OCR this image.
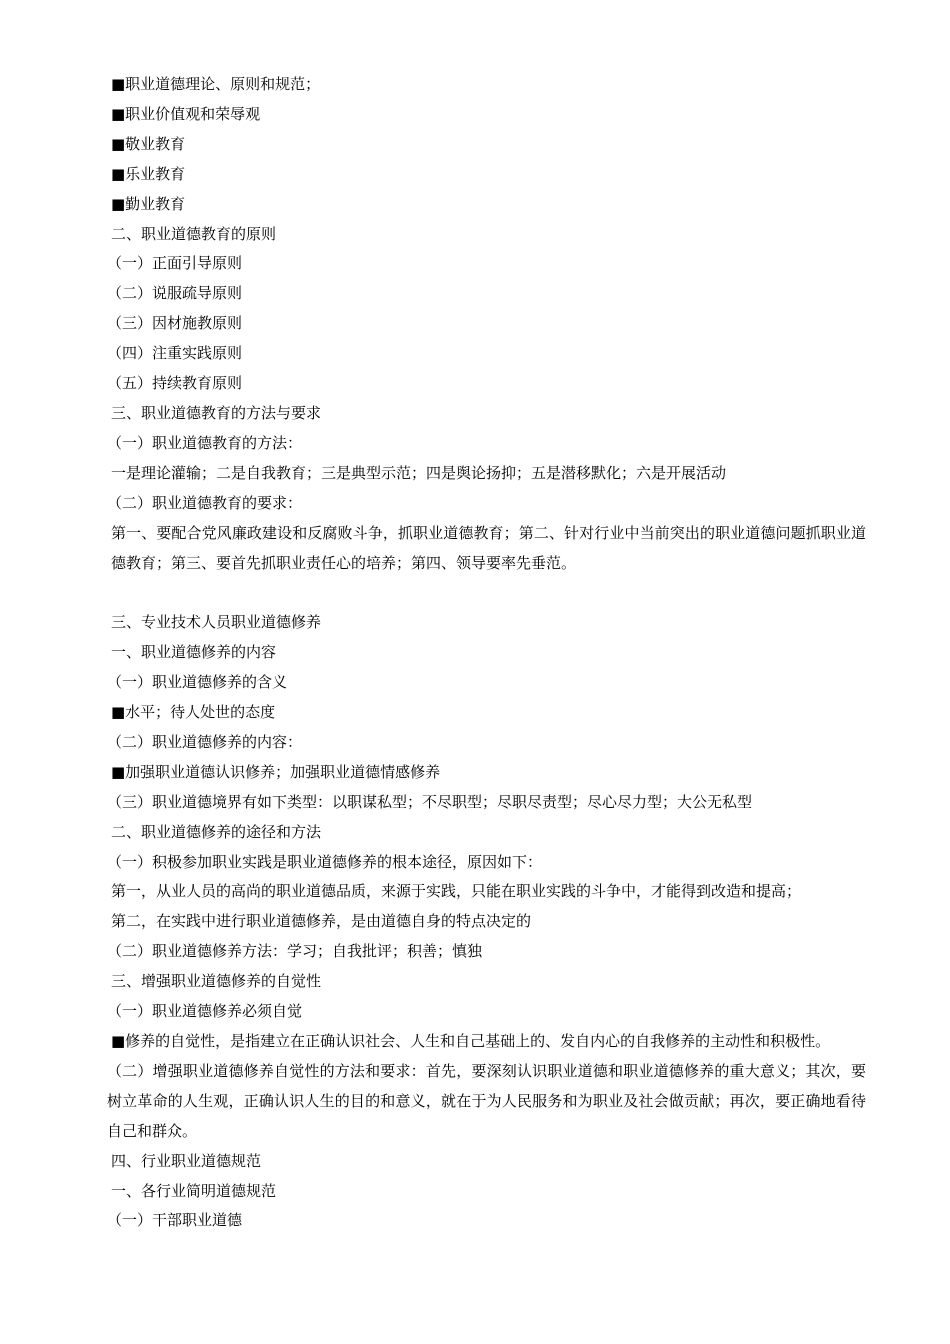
■职业道德理论、原则和规范；

■职业价值观和荣辱观

■敬业教育

■乐业教育

■勤业教育

二、职业道德教育的原则

（一）正面引导原则

（二）说服疏导原则

（三）因材施教原则

（四）注重实践原则

（五）持续教育原则

三、职业道德教育的方法与要求

（一）职业道德教育的方法：

一是理论灌输；二是自我教育；三是典型示范；四是舆论扬抑；五是潜移默化；六是开展活动

（二）职业道德教育的要求：

第一、要配合党风廉政建设和反腐败斗争，抓职业道德教育；第二、针对行业中当前突出的职业道德问题抓职业道德教育；第三、要首先抓职业责任心的培养；第四、领导要率先垂范。

三、专业技术人员职业道德修养

一、职业道德修养的内容

（一）职业道德修养的含义

■水平；待人处世的态度

（二）职业道德修养的内容：

■加强职业道德认识修养；加强职业道德情感修养

（三）职业道德境界有如下类型：以职谋私型；不尽职型；尽职尽责型；尽心尽力型；大公无私型

二、职业道德修养的途径和方法

（一）积极参加职业实践是职业道德修养的根本途径，原因如下：

第一，从业人员的高尚的职业道德品质，来源于实践，只能在职业实践的斗争中，才能得到改造和提高；

第二，在实践中进行职业道德修养，是由道德自身的特点决定的

（二）职业道德修养方法：学习；自我批评；积善；慎独

三、增强职业道德修养的自觉性

（一）职业道德修养必须自觉

■修养的自觉性，是指建立在正确认识社会、人生和自己基础上的、发自内心的自我修养的主动性和积极性。

（二）增强职业道德修养自觉性的方法和要求：首先，要深刻认识职业道德和职业道德修养的重大意义；其次，要树立革命的人生观，正确认识人生的目的和意义，就在于为人民服务和为职业及社会做贡献；再次，要正确地看待自己和群众。

四、行业职业道德规范

一、各行业简明道德规范

（一）干部职业道德
